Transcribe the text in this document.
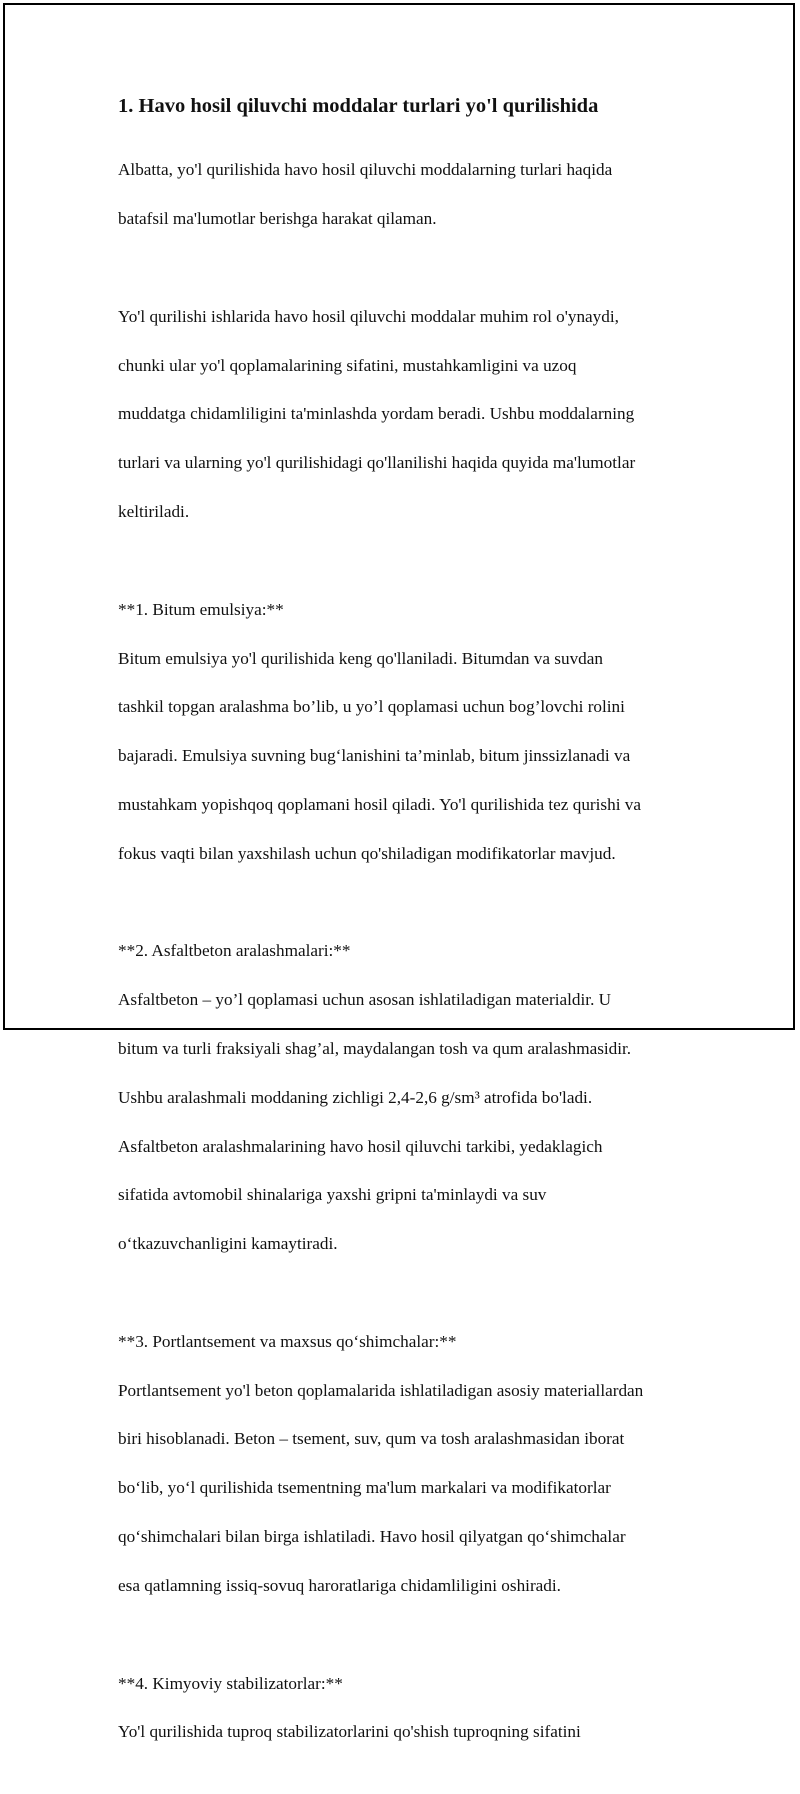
1. Havo hosil qiluvchi moddalar turlari yo'l qurilishida

Albatta, yo'l qurilishida havo hosil qiluvchi moddalarning turlari haqida

batafsil ma'lumotlar berishga harakat qilaman.

Yo'l qurilishi ishlarida havo hosil qiluvchi moddalar muhim rol o'ynaydi,

chunki ular yo'l qoplamalarining sifatini, mustahkamligini va uzoq

muddatga chidamliligini ta'minlashda yordam beradi. Ushbu moddalarning

turlari va ularning yo'l qurilishidagi qo'llanilishi haqida quyida ma'lumotlar

keltiriladi.

**1. Bitum emulsiya:**

Bitum emulsiya yo'l qurilishida keng qo'llaniladi. Bitumdan va suvdan

tashkil topgan aralashma bo’lib, u yo’l qoplamasi uchun bog’lovchi rolini

bajaradi. Emulsiya suvning bug‘lanishini ta’minlab, bitum jinssizlanadi va

mustahkam yopishqoq qoplamani hosil qiladi. Yo'l qurilishida tez qurishi va

fokus vaqti bilan yaxshilash uchun qo'shiladigan modifikatorlar mavjud.

**2. Asfaltbeton aralashmalari:**

Asfaltbeton – yo’l qoplamasi uchun asosan ishlatiladigan materialdir. U

bitum va turli fraksiyali shag’al, maydalangan tosh va qum aralashmasidir.

Ushbu aralashmali moddaning zichligi 2,4-2,6 g/sm³ atrofida bo'ladi.

Asfaltbeton aralashmalarining havo hosil qiluvchi tarkibi, yedaklagich

sifatida avtomobil shinalariga yaxshi gripni ta'minlaydi va suv

o‘tkazuvchanligini kamaytiradi.

**3. Portlantsement va maxsus qo‘shimchalar:**

Portlantsement yo'l beton qoplamalarida ishlatiladigan asosiy materiallardan

biri hisoblanadi. Beton – tsement, suv, qum va tosh aralashmasidan iborat

bo‘lib, yo‘l qurilishida tsementning ma'lum markalari va modifikatorlar

qo‘shimchalari bilan birga ishlatiladi. Havo hosil qilyatgan qo‘shimchalar

esa qatlamning issiq-sovuq haroratlariga chidamliligini oshiradi.

**4. Kimyoviy stabilizatorlar:**

Yo'l qurilishida tuproq stabilizatorlarini qo'shish tuproqning sifatini
